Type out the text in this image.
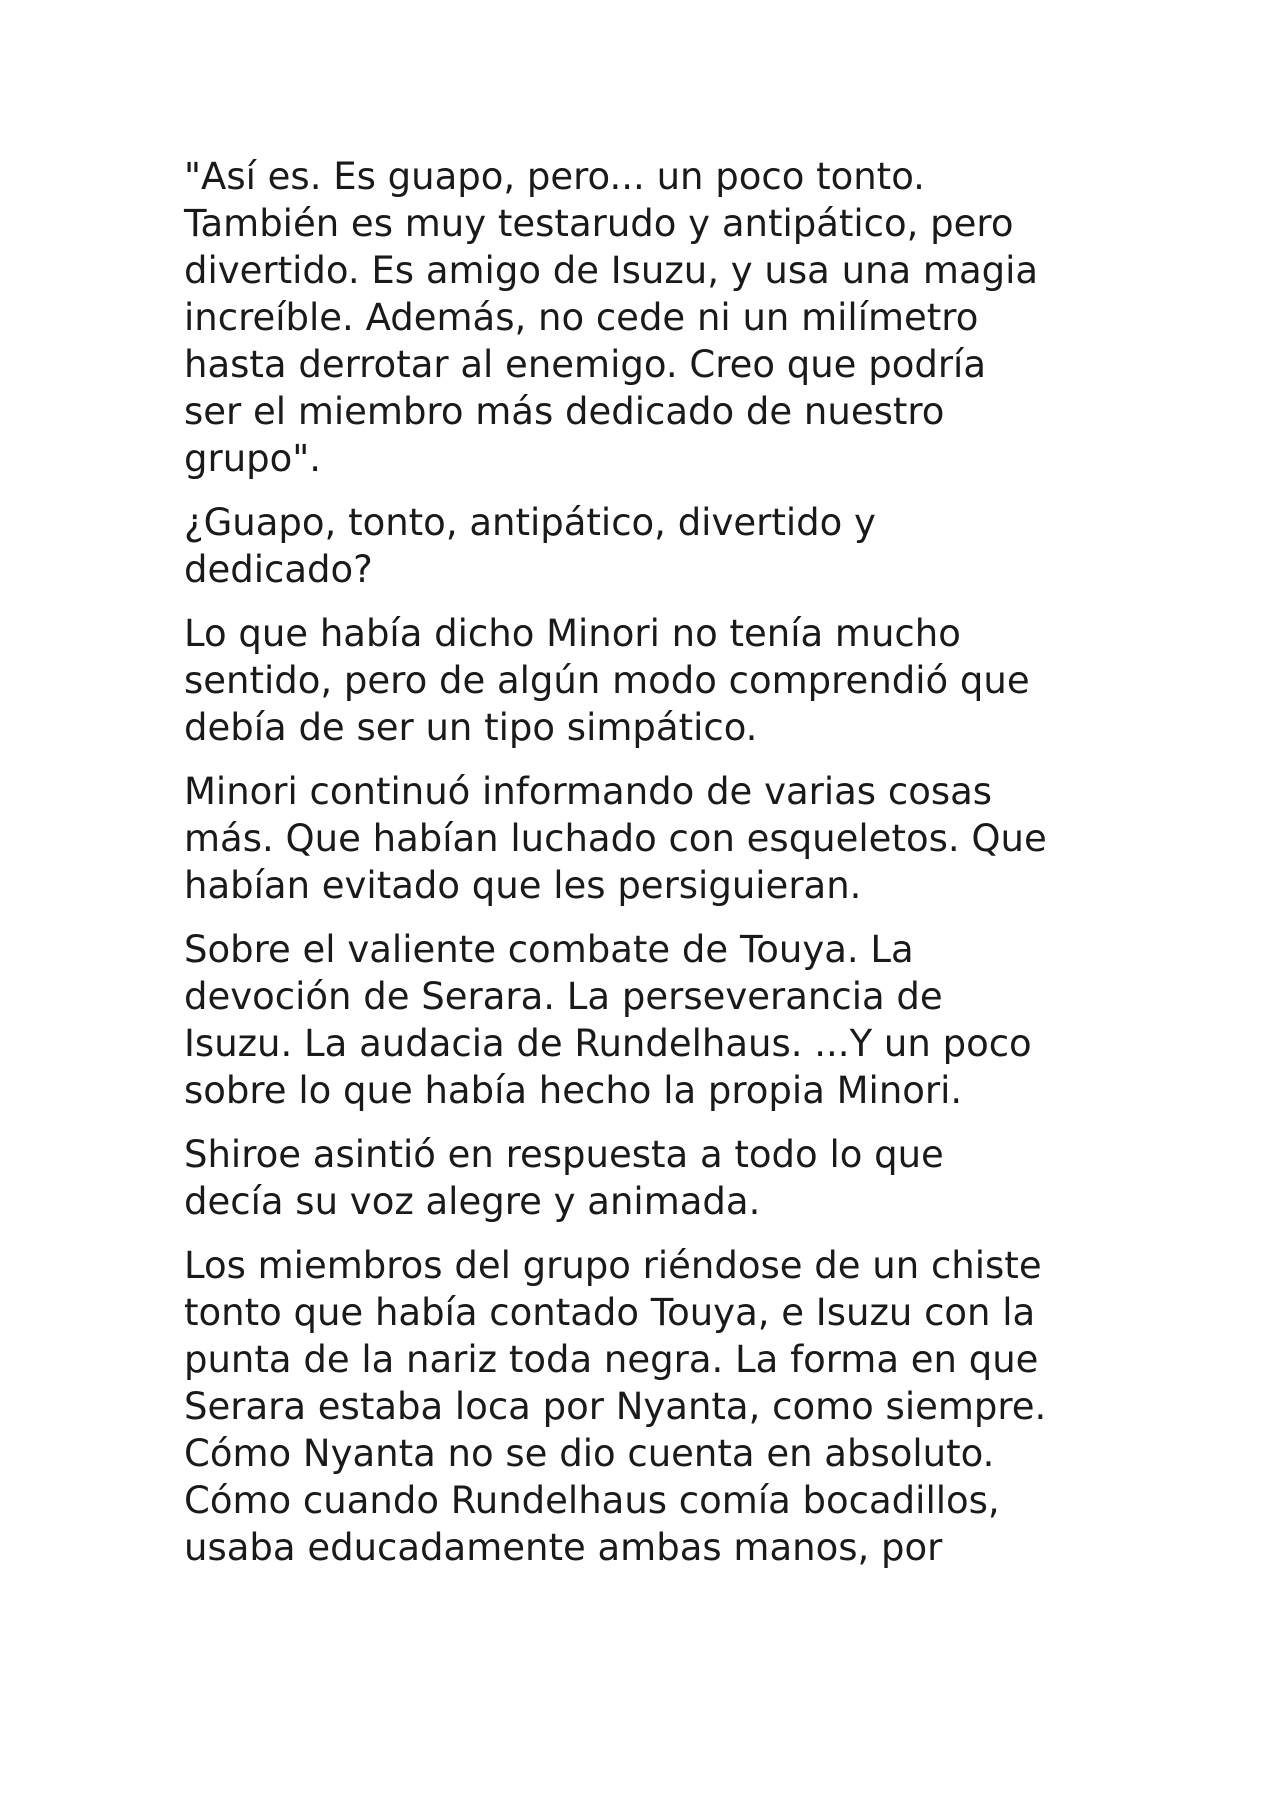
"Así es. Es guapo, pero... un poco tonto.
También es muy testarudo y antipático, pero
divertido. Es amigo de Isuzu, y usa una magia
increíble. Además, no cede ni un milímetro
hasta derrotar al enemigo. Creo que podría
ser el miembro más dedicado de nuestro
grupo".

¿Guapo, tonto, antipático, divertido y
dedicado?

Lo que había dicho Minori no tenía mucho
sentido, pero de algún modo comprendió que
debía de ser un tipo simpático.

Minori continuó informando de varias cosas
más. Que habían luchado con esqueletos. Que
habían evitado que les persiguieran.

Sobre el valiente combate de Touya. La
devoción de Serara. La perseverancia de
Isuzu. La audacia de Rundelhaus. ...Y un poco
sobre lo que había hecho la propia Minori.

Shiroe asintió en respuesta a todo lo que
decía su voz alegre y animada.

Los miembros del grupo riéndose de un chiste
tonto que había contado Touya, e Isuzu con la
punta de la nariz toda negra. La forma en que
Serara estaba loca por Nyanta, como siempre.
Cómo Nyanta no se dio cuenta en absoluto.
Cómo cuando Rundelhaus comía bocadillos,
usaba educadamente ambas manos, por
